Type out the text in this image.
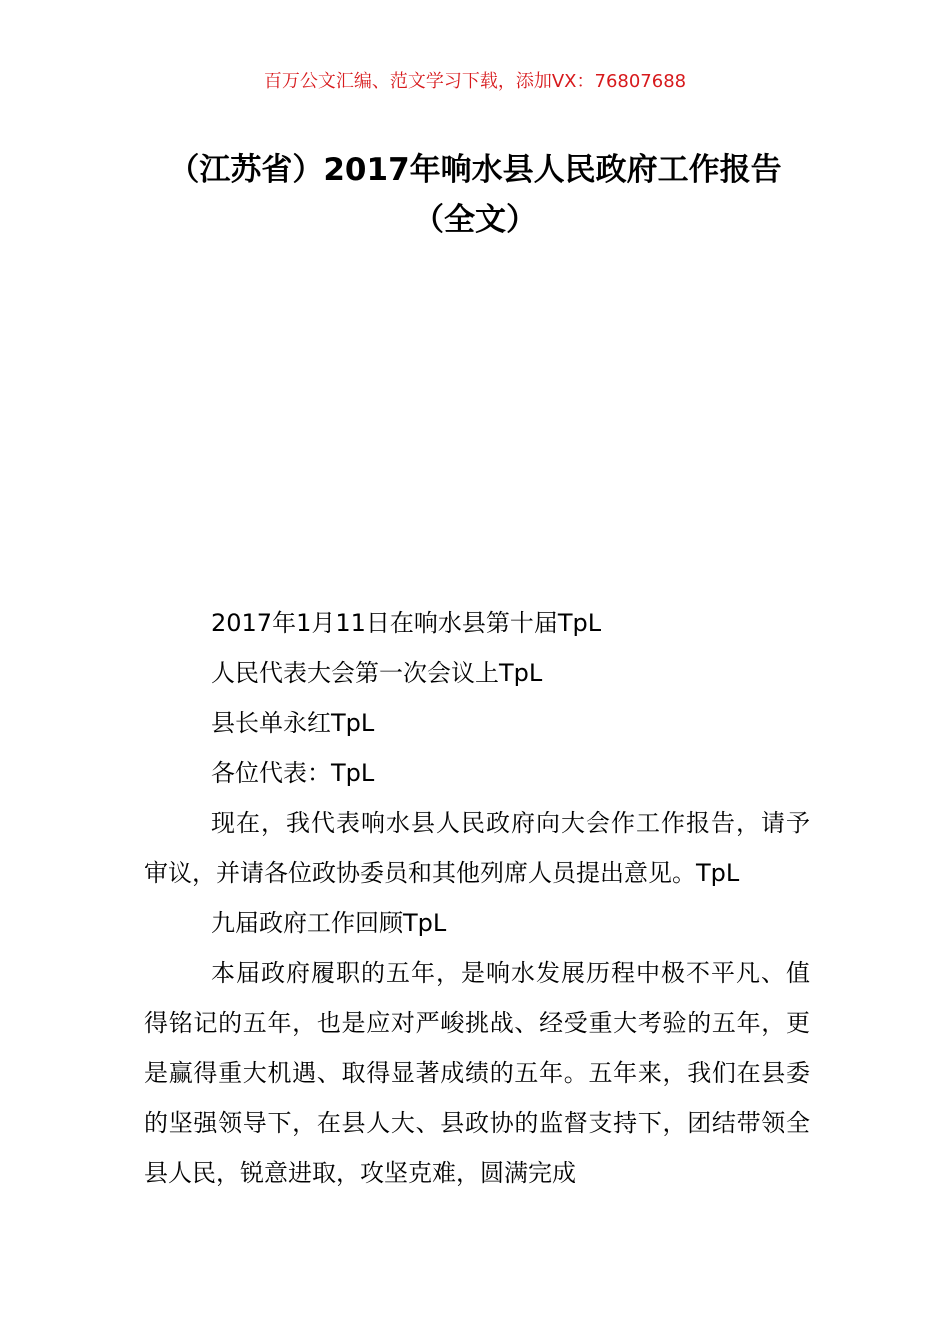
百万公文汇编、范文学习下载，添加VX：76807688
（江苏省）2017年响水县人民政府工作报告（全文）

2017年1月11日在响水县第十届TpL

人民代表大会第一次会议上TpL

县长单永红TpL

各位代表：TpL

现在，我代表响水县人民政府向大会作工作报告，请予审议，并请各位政协委员和其他列席人员提出意见。TpL

九届政府工作回顾TpL

本届政府履职的五年，是响水发展历程中极不平凡、值得铭记的五年，也是应对严峻挑战、经受重大考验的五年，更是赢得重大机遇、取得显著成绩的五年。五年来，我们在县委的坚强领导下，在县人大、县政协的监督支持下，团结带领全县人民，锐意进取，攻坚克难，圆满完成
